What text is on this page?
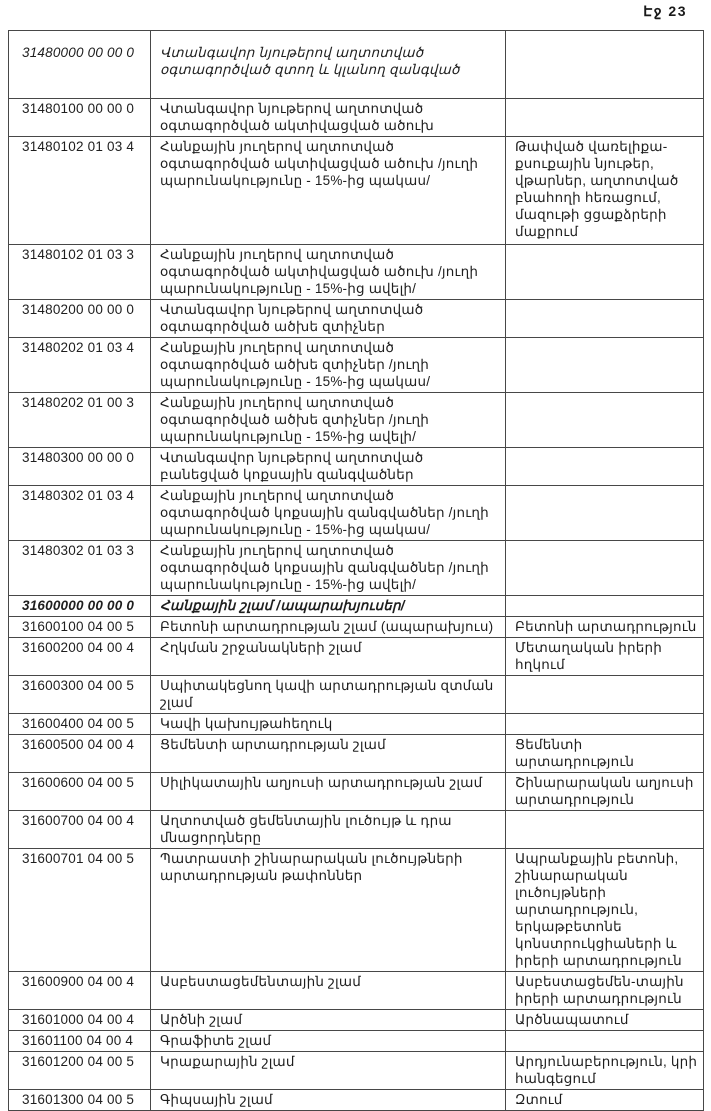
Էջ 23
31480000 00 00 0	Վտանգավոր նյութերով աղտոտված օգտագործված զտող և կլանող զանգված	
31480100 00 00 0	Վտանգավոր նյութերով աղտոտված օգտագործված ակտիվացված ածուխ	
31480102 01 03 4	Հանքային յուղերով աղտոտված օգտագործված ակտիվացված ածուխ /յուղի պարունակությունը - 15%-ից պակաս/	Թափված վառելիքա-քսուքային նյութեր, վթարներ, աղտոտված բնահողի հեռացում, մազութի ցցաքձրերի մաքրում
31480102 01 03 3	Հանքային յուղերով աղտոտված օգտագործված ակտիվացված ածուխ /յուղի պարունակությունը - 15%-ից ավելի/	
31480200 00 00 0	Վտանգավոր նյութերով աղտոտված օգտագործված ածխե զտիչներ	
31480202 01 03 4	Հանքային յուղերով աղտոտված օգտագործված ածխե զտիչներ /յուղի պարունակությունը - 15%-ից պակաս/	
31480202 01 00 3	Հանքային յուղերով աղտոտված օգտագործված ածխե զտիչներ /յուղի պարունակությունը - 15%-ից ավելի/	
31480300 00 00 0	Վտանգավոր նյութերով աղտոտված բանեցված կոքսային զանգվածներ	
31480302 01 03 4	Հանքային յուղերով աղտոտված օգտագործված կոքսային զանգվածներ /յուղի պարունակությունը - 15%-ից պակաս/	
31480302 01 03 3	Հանքային յուղերով աղտոտված օգտագործված կոքսային զանգվածներ /յուղի պարունակությունը - 15%-ից ավելի/	
31600000 00 00 0	Հանքային շլամ /ապարախյուսեր/	
31600100 04 00 5	Բետոնի արտադրության շլամ (ապարախյուս)	Բետոնի արտադրություն
31600200 04 00 4	Հղկման շրջանակների շլամ	Մետաղական իրերի հղկում
31600300 04 00 5	Սպիտակեցնող կավի արտադրության զտման շլամ	
31600400 04 00 5	Կավի կախույթահեղուկ	
31600500 04 00 4	Ցեմենտի արտադրության շլամ	Ցեմենտի արտադրություն
31600600 04 00 5	Սիլիկատային աղյուսի արտադրության շլամ	Շինարարական աղյուսի արտադրություն
31600700 04 00 4	Աղտոտված ցեմենտային լուծույթ և դրա մնացորդները	
31600701 04 00 5	Պատրաստի շինարարական լուծույթների արտադրության թափոններ	Ապրանքային բետոնի, շինարարական լուծույթների արտադրություն, երկաթբետոնե կոնստրուկցիաների և իրերի արտադրություն
31600900 04 00 4	Ասբեստացեմենտային շլամ	Ասբեստացեմեն-տային իրերի արտադրություն
31601000 04 00 4	Արծնի շլամ	Արծնապատում
31601100 04 00 4	Գրաֆիտե շլամ	
31601200 04 00 5	Կրաքարային շլամ	Արդյունաբերություն, կրի հանգեցում
31601300 04 00 5	Գիպսային շլամ	Զտում
